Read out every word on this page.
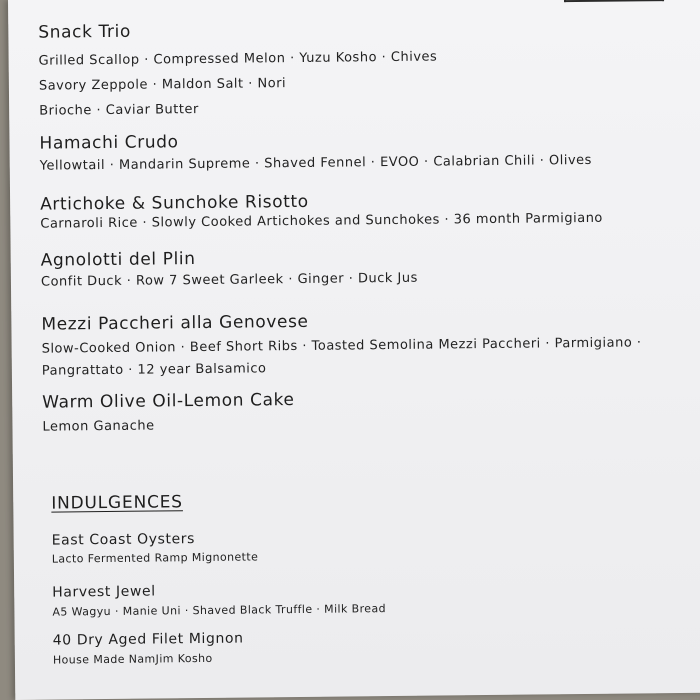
Snack Trio
Grilled Scallop · Compressed Melon · Yuzu Kosho · Chives
Savory Zeppole · Maldon Salt · Nori
Brioche · Caviar Butter
Hamachi Crudo
Yellowtail · Mandarin Supreme · Shaved Fennel · EVOO · Calabrian Chili · Olives
Artichoke & Sunchoke Risotto
Carnaroli Rice · Slowly Cooked Artichokes and Sunchokes · 36 month Parmigiano
Agnolotti del Plin
Confit Duck · Row 7 Sweet Garleek · Ginger · Duck Jus
Mezzi Paccheri alla Genovese
Slow-Cooked Onion · Beef Short Ribs · Toasted Semolina Mezzi Paccheri · Parmigiano ·
Pangrattato · 12 year Balsamico
Warm Olive Oil-Lemon Cake
Lemon Ganache
INDULGENCES
East Coast Oysters
Lacto Fermented Ramp Mignonette
Harvest Jewel
A5 Wagyu · Manie Uni · Shaved Black Truffle · Milk Bread
40 Dry Aged Filet Mignon
House Made NamJim Kosho
